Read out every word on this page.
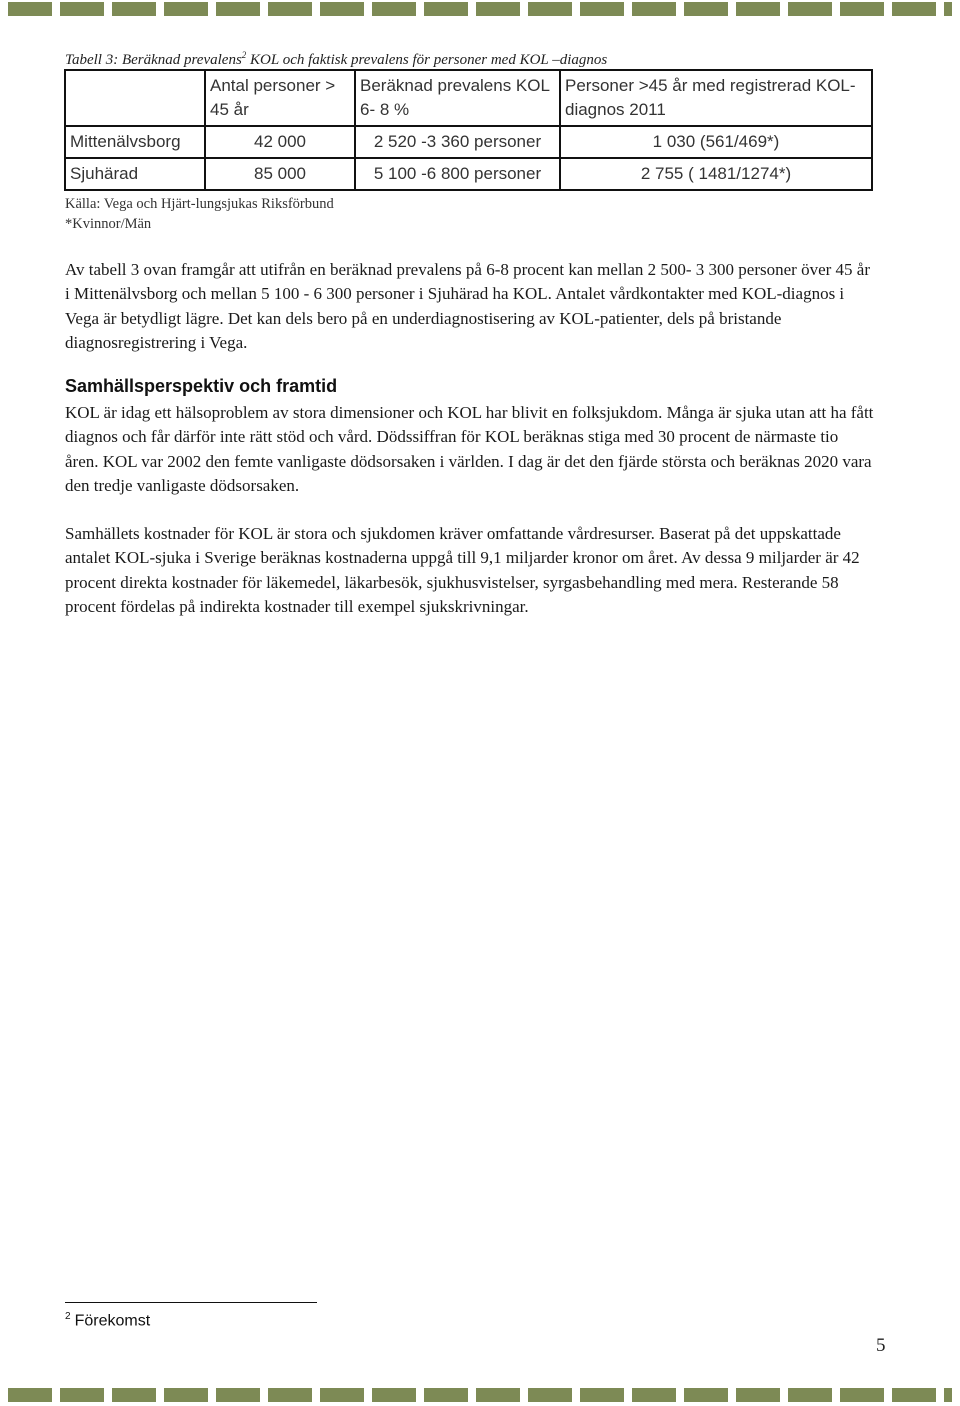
Tabell 3: Beräknad prevalens$^2$ KOL och faktisk prevalens för personer med KOL –diagnos
	Antal personer > 45 år	Beräknad prevalens KOL 6- 8 %	Personer >45 år med registrerad KOL-diagnos 2011
Mittenälvsborg	42 000	2 520 -3 360 personer	1 030 (561/469*)
Sjuhärad	85 000	5 100 -6 800 personer	2 755 ( 1481/1274*)
Källa: Vega och Hjärt-lungsjukas Riksförbund
*Kvinnor/Män

Av tabell 3 ovan framgår att utifrån en beräknad prevalens på 6-8 procent kan mellan 2 500- 3 300 personer över 45 år i Mittenälvsborg och mellan 5 100 - 6 300 personer i Sjuhärad ha KOL. Antalet vårdkontakter med KOL-diagnos i Vega är betydligt lägre. Det kan dels bero på en underdiagnostisering av KOL-patienter, dels på bristande diagnosregistrering i Vega.

Samhällsperspektiv och framtid

KOL är idag ett hälsoproblem av stora dimensioner och KOL har blivit en folksjukdom. Många är sjuka utan att ha fått diagnos och får därför inte rätt stöd och vård. Dödssiffran för KOL beräknas stiga med 30 procent de närmaste tio åren. KOL var 2002 den femte vanligaste dödsorsaken i världen. I dag är det den fjärde största och beräknas 2020 vara den tredje vanligaste dödsorsaken.

Samhällets kostnader för KOL är stora och sjukdomen kräver omfattande vårdresurser. Baserat på det uppskattade antalet KOL-sjuka i Sverige beräknas kostnaderna uppgå till 9,1 miljarder kronor om året. Av dessa 9 miljarder är 42 procent direkta kostnader för läkemedel, läkarbesök, sjukhusvistelser, syrgasbehandling med mera. Resterande 58 procent fördelas på indirekta kostnader till exempel sjukskrivningar.

$^2$ Förekomst
5
